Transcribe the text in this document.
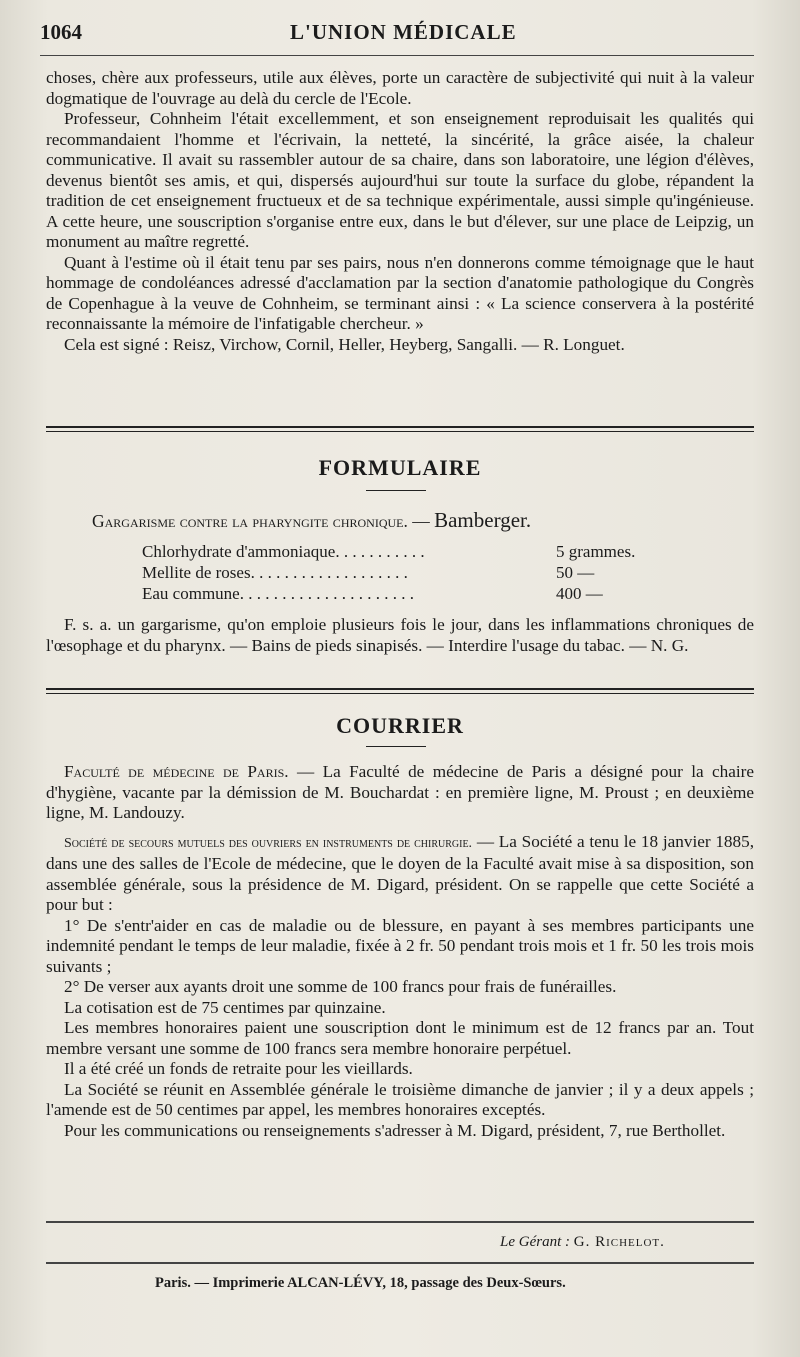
1064	L'UNION MÉDICALE

choses, chère aux professeurs, utile aux élèves, porte un caractère de subjectivité qui nuit à la valeur dogmatique de l'ouvrage au delà du cercle de l'Ecole.

Professeur, Cohnheim l'était excellemment, et son enseignement reproduisait les qualités qui recommandaient l'homme et l'écrivain, la netteté, la sincérité, la grâce aisée, la chaleur communicative. Il avait su rassembler autour de sa chaire, dans son laboratoire, une légion d'élèves, devenus bientôt ses amis, et qui, dispersés aujourd'hui sur toute la surface du globe, répandent la tradition de cet enseignement fructueux et de sa technique expérimentale, aussi simple qu'ingénieuse. A cette heure, une souscription s'organise entre eux, dans le but d'élever, sur une place de Leipzig, un monument au maître regretté.

Quant à l'estime où il était tenu par ses pairs, nous n'en donnerons comme témoignage que le haut hommage de condoléances adressé d'acclamation par la section d'anatomie pathologique du Congrès de Copenhague à la veuve de Cohnheim, se terminant ainsi : « La science conservera à la postérité reconnaissante la mémoire de l'infatigable chercheur. »

Cela est signé : Reisz, Virchow, Cornil, Heller, Heyberg, Sangalli. — R. Longuet.

FORMULAIRE
Gargarisme contre la pharyngite chronique. — Bamberger.
Chlorhydrate d'ammoniaque. . . . . . . . . . .	5 grammes.
Mellite de roses. . . . . . . . . . . . . . . . . . .	50 —
Eau commune. . . . . . . . . . . . . . . . . . . . .	400 —

F. s. a. un gargarisme, qu'on emploie plusieurs fois le jour, dans les inflammations chroniques de l'œsophage et du pharynx. — Bains de pieds sinapisés. — Interdire l'usage du tabac. — N. G.

COURRIER

Faculté de médecine de Paris. — La Faculté de médecine de Paris a désigné pour la chaire d'hygiène, vacante par la démission de M. Bouchardat : en première ligne, M. Proust ; en deuxième ligne, M. Landouzy.

Société de secours mutuels des ouvriers en instruments de chirurgie. — La Société a tenu le 18 janvier 1885, dans une des salles de l'Ecole de médecine, que le doyen de la Faculté avait mise à sa disposition, son assemblée générale, sous la présidence de M. Digard, président. On se rappelle que cette Société a pour but :

1° De s'entr'aider en cas de maladie ou de blessure, en payant à ses membres participants une indemnité pendant le temps de leur maladie, fixée à 2 fr. 50 pendant trois mois et 1 fr. 50 les trois mois suivants ;

2° De verser aux ayants droit une somme de 100 francs pour frais de funérailles.

La cotisation est de 75 centimes par quinzaine.

Les membres honoraires paient une souscription dont le minimum est de 12 francs par an. Tout membre versant une somme de 100 francs sera membre honoraire perpétuel.

Il a été créé un fonds de retraite pour les vieillards.

La Société se réunit en Assemblée générale le troisième dimanche de janvier ; il y a deux appels ; l'amende est de 50 centimes par appel, les membres honoraires exceptés.

Pour les communications ou renseignements s'adresser à M. Digard, président, 7, rue Berthollet.

Le Gérant : G. Richelot.
Paris. — Imprimerie ALCAN-LÉVY, 18, passage des Deux-Sœurs.
